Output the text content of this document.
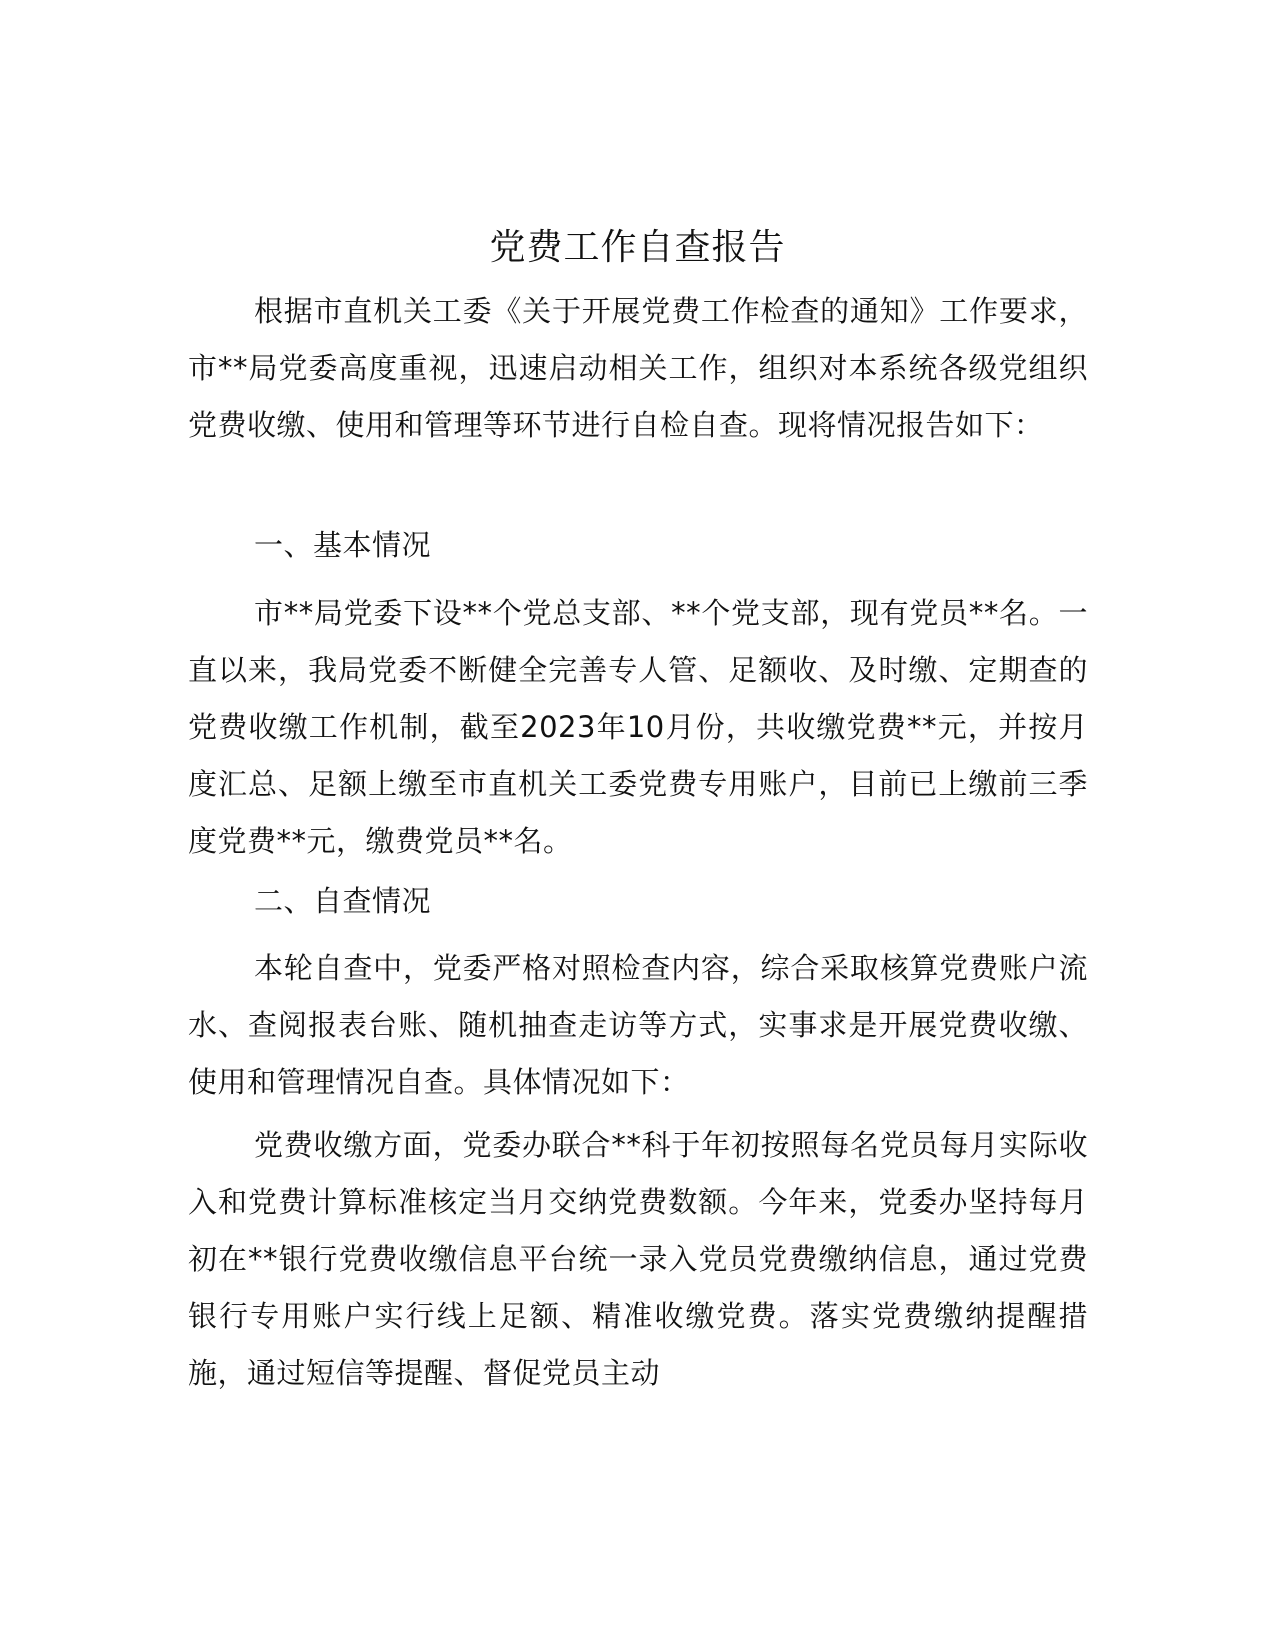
党费工作自查报告

根据市直机关工委《关于开展党费工作检查的通知》工作要求，市**局党委高度重视，迅速启动相关工作，组织对本系统各级党组织党费收缴、使用和管理等环节进行自检自查。现将情况报告如下：

一、基本情况

市**局党委下设**个党总支部、**个党支部，现有党员**名。一直以来，我局党委不断健全完善专人管、足额收、及时缴、定期查的党费收缴工作机制，截至2023年10月份，共收缴党费**元，并按月度汇总、足额上缴至市直机关工委党费专用账户，目前已上缴前三季度党费**元，缴费党员**名。

二、自查情况

本轮自查中，党委严格对照检查内容，综合采取核算党费账户流水、查阅报表台账、随机抽查走访等方式，实事求是开展党费收缴、使用和管理情况自查。具体情况如下：

党费收缴方面，党委办联合**科于年初按照每名党员每月实际收入和党费计算标准核定当月交纳党费数额。今年来，党委办坚持每月初在**银行党费收缴信息平台统一录入党员党费缴纳信息，通过党费银行专用账户实行线上足额、精准收缴党费。落实党费缴纳提醒措施，通过短信等提醒、督促党员主动
